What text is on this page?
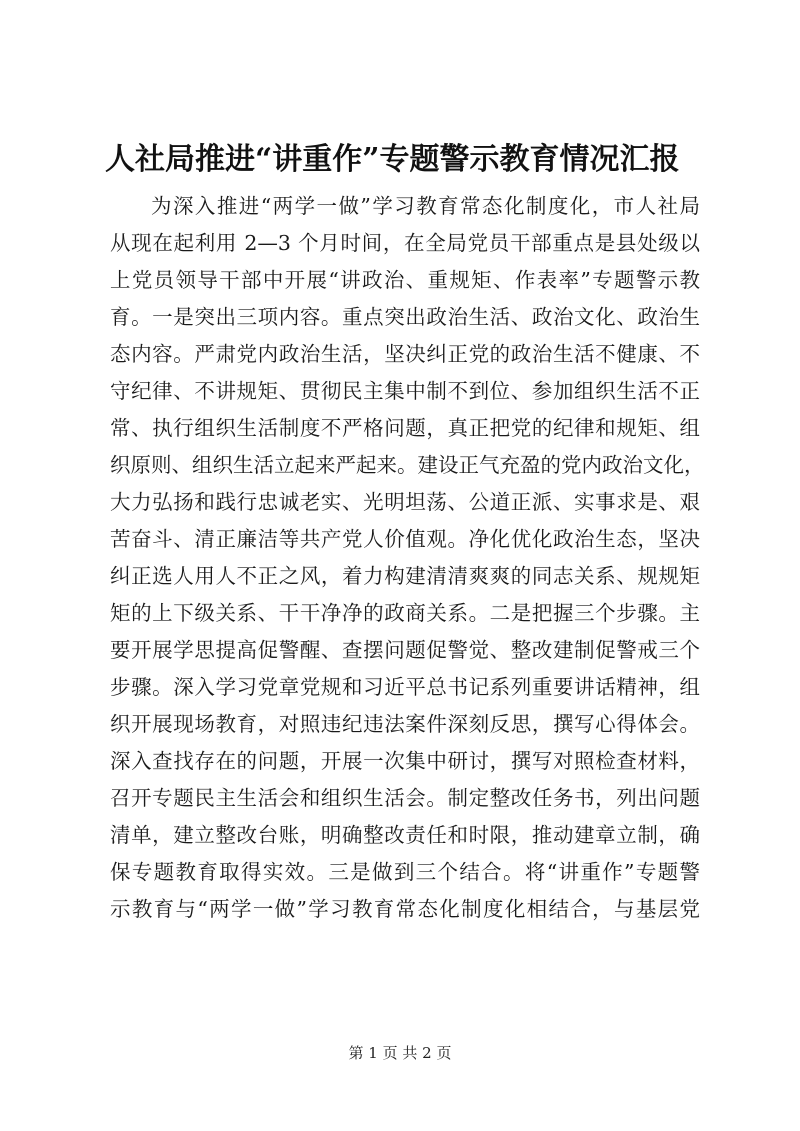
人社局推进“讲重作”专题警示教育情况汇报
为深入推进“两学一做”学习教育常态化制度化，市人社局
从现在起利用 2—3 个月时间，在全局党员干部重点是县处级以
上党员领导干部中开展“讲政治、重规矩、作表率”专题警示教
育。一是突出三项内容。重点突出政治生活、政治文化、政治生
态内容。严肃党内政治生活，坚决纠正党的政治生活不健康、不
守纪律、不讲规矩、贯彻民主集中制不到位、参加组织生活不正
常、执行组织生活制度不严格问题，真正把党的纪律和规矩、组
织原则、组织生活立起来严起来。建设正气充盈的党内政治文化，
大力弘扬和践行忠诚老实、光明坦荡、公道正派、实事求是、艰
苦奋斗、清正廉洁等共产党人价值观。净化优化政治生态，坚决
纠正选人用人不正之风，着力构建清清爽爽的同志关系、规规矩
矩的上下级关系、干干净净的政商关系。二是把握三个步骤。主
要开展学思提高促警醒、查摆问题促警觉、整改建制促警戒三个
步骤。深入学习党章党规和习近平总书记系列重要讲话精神，组
织开展现场教育，对照违纪违法案件深刻反思，撰写心得体会。
深入查找存在的问题，开展一次集中研讨，撰写对照检查材料，
召开专题民主生活会和组织生活会。制定整改任务书，列出问题
清单，建立整改台账，明确整改责任和时限，推动建章立制，确
保专题教育取得实效。三是做到三个结合。将“讲重作”专题警
示教育与“两学一做”学习教育常态化制度化相结合，与基层党
第 1 页 共 2 页
